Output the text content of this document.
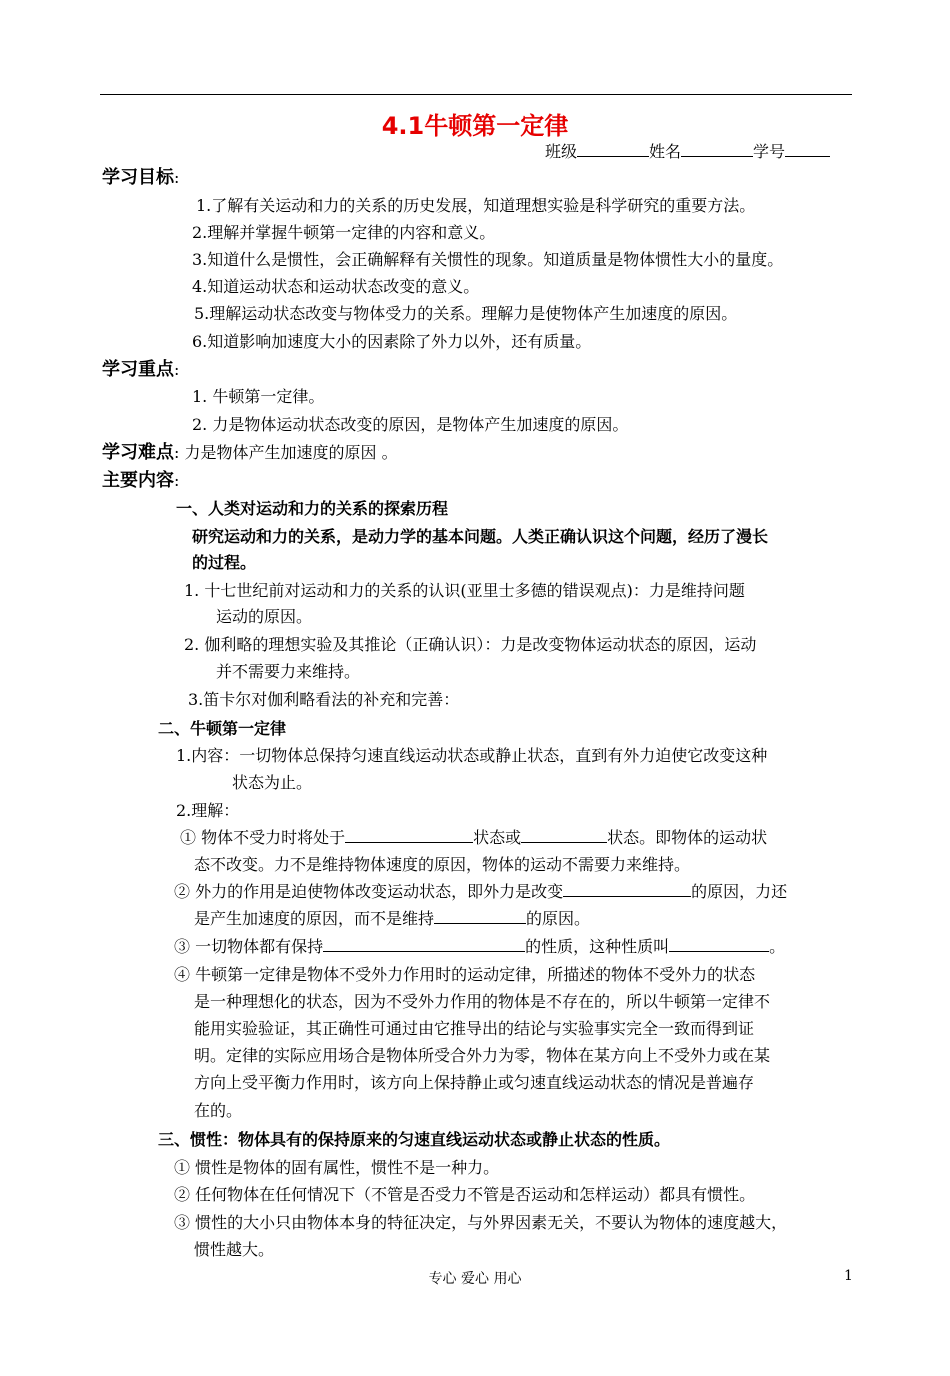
4.1牛顿第一定律
班级	姓名	学号
学习目标:
1.了解有关运动和力的关系的历史发展，知道理想实验是科学研究的重要方法。
2.理解并掌握牛顿第一定律的内容和意义。
3.知道什么是惯性，会正确解释有关惯性的现象。知道质量是物体惯性大小的量度。
4.知道运动状态和运动状态改变的意义。
5.理解运动状态改变与物体受力的关系。理解力是使物体产生加速度的原因。
6.知道影响加速度大小的因素除了外力以外，还有质量。
学习重点:
1. 牛顿第一定律。
2. 力是物体运动状态改变的原因，是物体产生加速度的原因。
学习难点: 力是物体产生加速度的原因 。
主要内容:
一、人类对运动和力的关系的探索历程
研究运动和力的关系，是动力学的基本问题。人类正确认识这个问题，经历了漫长
的过程。
1. 十七世纪前对运动和力的关系的认识(亚里士多德的错误观点)：力是维持问题
运动的原因。
2. 伽利略的理想实验及其推论（正确认识）：力是改变物体运动状态的原因，运动
并不需要力来维持。
3.笛卡尔对伽利略看法的补充和完善：
二、牛顿第一定律
1.内容：一切物体总保持匀速直线运动状态或静止状态，直到有外力迫使它改变这种
状态为止。
2.理解：
① 物体不受力时将处于	状态或	状态。即物体的运动状
态不改变。力不是维持物体速度的原因，物体的运动不需要力来维持。
② 外力的作用是迫使物体改变运动状态，即外力是改变	的原因，力还
是产生加速度的原因，而不是维持	的原因。
③ 一切物体都有保持	的性质，这种性质叫	。
④ 牛顿第一定律是物体不受外力作用时的运动定律，所描述的物体不受外力的状态
是一种理想化的状态，因为不受外力作用的物体是不存在的，所以牛顿第一定律不
能用实验验证，其正确性可通过由它推导出的结论与实验事实完全一致而得到证
明。定律的实际应用场合是物体所受合外力为零，物体在某方向上不受外力或在某
方向上受平衡力作用时，该方向上保持静止或匀速直线运动状态的情况是普遍存
在的。
三、惯性：物体具有的保持原来的匀速直线运动状态或静止状态的性质。
① 惯性是物体的固有属性，惯性不是一种力。
② 任何物体在任何情况下（不管是否受力不管是否运动和怎样运动）都具有惯性。
③ 惯性的大小只由物体本身的特征决定，与外界因素无关，不要认为物体的速度越大，
惯性越大。
专心 爱心 用心	1
